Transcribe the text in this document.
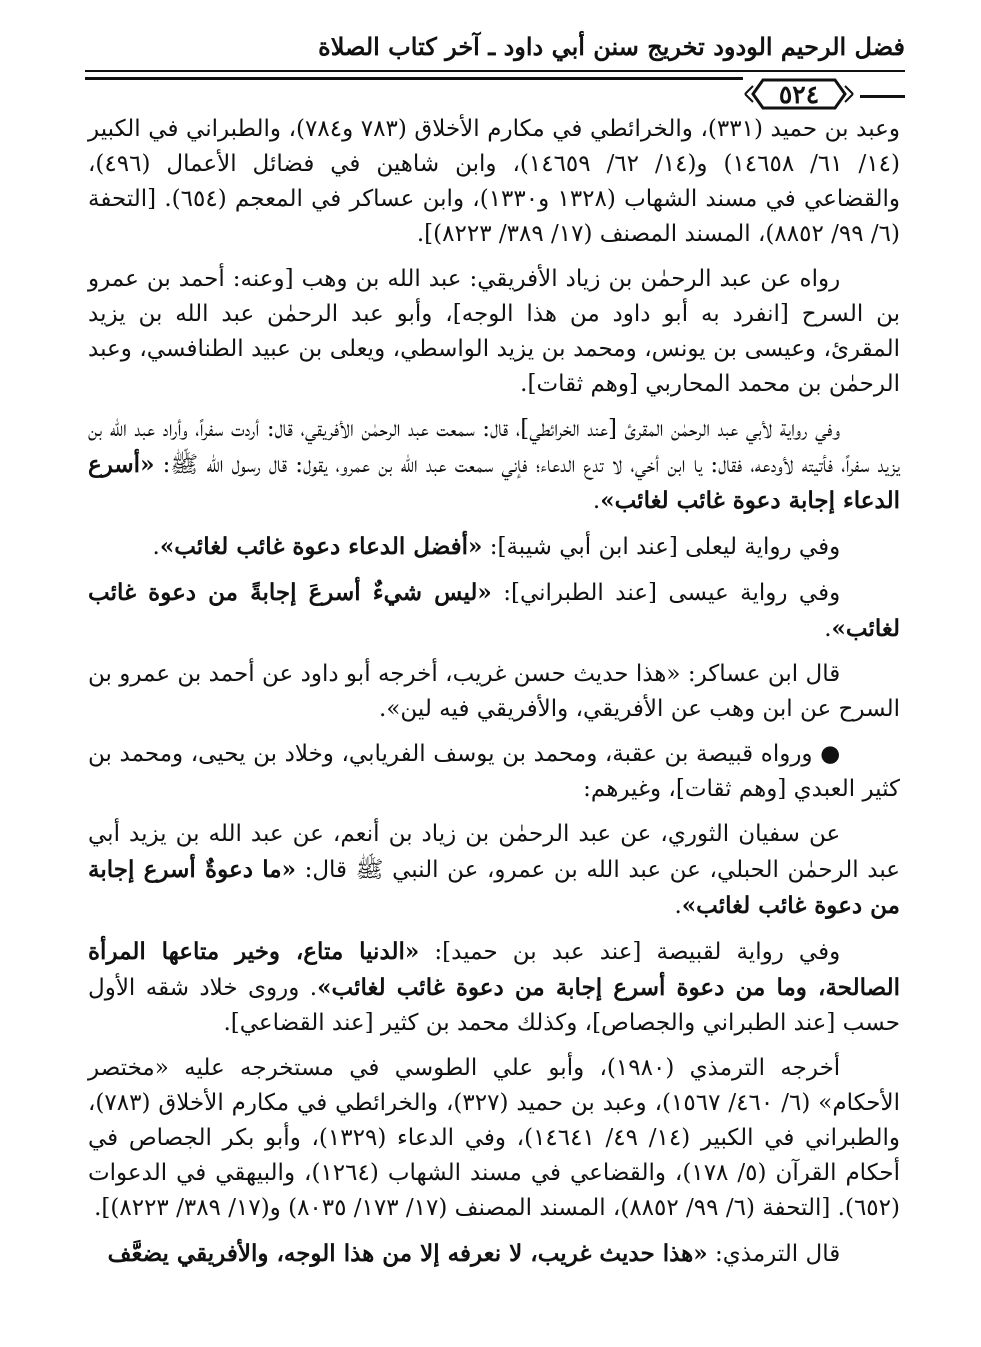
فضل الرحيم الودود تخريج سنن أبي داود ـ آخر كتاب الصلاة
٥٢٤

وعبد بن حميد (٣٣١)، والخرائطي في مكارم الأخلاق (٧٨٣ و٧٨٤)، والطبراني في الكبير (١٤/ ٦١/ ١٤٦٥٨) و(١٤/ ٦٢/ ١٤٦٥٩)، وابن شاهين في فضائل الأعمال (٤٩٦)، والقضاعي في مسند الشهاب (١٣٢٨ و١٣٣٠)، وابن عساكر في المعجم (٦٥٤). [التحفة (٦/ ٩٩/ ٨٨٥٢)، المسند المصنف (١٧/ ٣٨٩/ ٨٢٢٣)].

رواه عن عبد الرحمٰن بن زياد الأفريقي: عبد الله بن وهب [وعنه: أحمد بن عمرو بن السرح [انفرد به أبو داود من هذا الوجه]، وأبو عبد الرحمٰن عبد الله بن يزيد المقرئ، وعيسى بن يونس، ومحمد بن يزيد الواسطي، ويعلى بن عبيد الطنافسي، وعبد الرحمٰن بن محمد المحاربي [وهم ثقات].

وفي رواية لأبي عبد الرحمٰن المقرئ [عند الخرائطي]، قال: سمعت عبد الرحمٰن الأفريقي، قال: أردت سفراً، وأراد عبد الله بن يزيد سفراً، فأتيته لأودعه، فقال: يا ابن أخي، لا تدع الدعاء؛ فإني سمعت عبد الله بن عمرو، يقول: قال رسول الله ﷺ: «أسرع الدعاء إجابة دعوة غائب لغائب».

وفي رواية ليعلى [عند ابن أبي شيبة]: «أفضل الدعاء دعوة غائب لغائب».

وفي رواية عيسى [عند الطبراني]: «ليس شيءٌ أسرعَ إجابةً من دعوة غائب لغائب».

قال ابن عساكر: «هذا حديث حسن غريب، أخرجه أبو داود عن أحمد بن عمرو بن السرح عن ابن وهب عن الأفريقي، والأفريقي فيه لين».

● ورواه قبيصة بن عقبة، ومحمد بن يوسف الفريابي، وخلاد بن يحيى، ومحمد بن كثير العبدي [وهم ثقات]، وغيرهم:

عن سفيان الثوري، عن عبد الرحمٰن بن زياد بن أنعم، عن عبد الله بن يزيد أبي عبد الرحمٰن الحبلي، عن عبد الله بن عمرو، عن النبي ﷺ قال: «ما دعوةٌ أسرع إجابة من دعوة غائب لغائب».

وفي رواية لقبيصة [عند عبد بن حميد]: «الدنيا متاع، وخير متاعها المرأة الصالحة، وما من دعوة أسرع إجابة من دعوة غائب لغائب». وروى خلاد شقه الأول حسب [عند الطبراني والجصاص]، وكذلك محمد بن كثير [عند القضاعي].

أخرجه الترمذي (١٩٨٠)، وأبو علي الطوسي في مستخرجه عليه «مختصر الأحكام» (٦/ ٤٦٠/ ١٥٦٧)، وعبد بن حميد (٣٢٧)، والخرائطي في مكارم الأخلاق (٧٨٣)، والطبراني في الكبير (١٤/ ٤٩/ ١٤٦٤١)، وفي الدعاء (١٣٢٩)، وأبو بكر الجصاص في أحكام القرآن (٥/ ١٧٨)، والقضاعي في مسند الشهاب (١٢٦٤)، والبيهقي في الدعوات (٦٥٢). [التحفة (٦/ ٩٩/ ٨٨٥٢)، المسند المصنف (١٧/ ١٧٣/ ٨٠٣٥) و(١٧/ ٣٨٩/ ٨٢٢٣)].

قال الترمذي: «هذا حديث غريب، لا نعرفه إلا من هذا الوجه، والأفريقي يضعَّف
